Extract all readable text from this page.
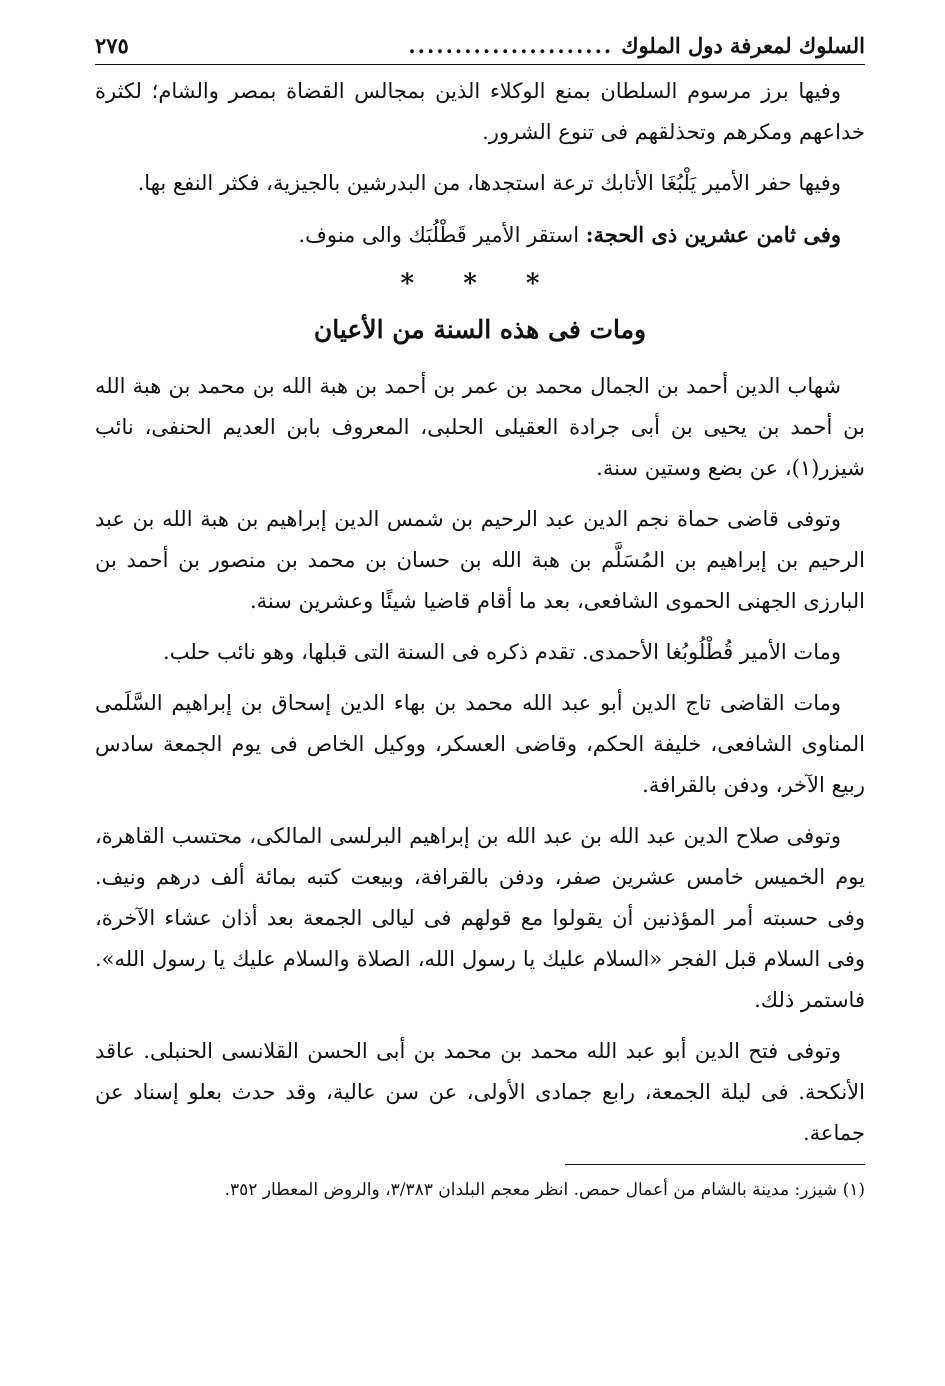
السلوك لمعرفة دول الملوك
......................
٢٧٥

وفيها برز مرسوم السلطان بمنع الوكلاء الذين بمجالس القضاة بمصر والشام؛ لكثرة خداعهم ومكرهم وتحذلقهم فى تنوع الشرور.

وفيها حفر الأمير يَلْبُغَا الأتابك ترعة استجدها، من البدرشين بالجيزية، فكثر النفع بها.

وفى ثامن عشرين ذى الحجة: استقر الأمير قَطْلُبَك والى منوف.

* * *
ومات فى هذه السنة من الأعيان

شهاب الدين أحمد بن الجمال محمد بن عمر بن أحمد بن هبة الله بن محمد بن هبة الله بن أحمد بن يحيى بن أبى جرادة العقيلى الحلبى، المعروف بابن العديم الحنفى، نائب شيزر(١)، عن بضع وستين سنة.

وتوفى قاضى حماة نجم الدين عبد الرحيم بن شمس الدين إبراهيم بن هبة الله بن عبد الرحيم بن إبراهيم بن المُسَلَّم بن هبة الله بن حسان بن محمد بن منصور بن أحمد بن البارزى الجهنى الحموى الشافعى، بعد ما أقام قاضيا شيئًا وعشرين سنة.

ومات الأمير قُطْلُوبُغا الأحمدى. تقدم ذكره فى السنة التى قبلها، وهو نائب حلب.

ومات القاضى تاج الدين أبو عبد الله محمد بن بهاء الدين إسحاق بن إبراهيم السَّلَمى المناوى الشافعى، خليفة الحكم، وقاضى العسكر، ووكيل الخاص فى يوم الجمعة سادس ربيع الآخر، ودفن بالقرافة.

وتوفى صلاح الدين عبد الله بن عبد الله بن إبراهيم البرلسى المالكى، محتسب القاهرة، يوم الخميس خامس عشرين صفر، ودفن بالقرافة، وبيعت كتبه بمائة ألف درهم ونيف. وفى حسبته أمر المؤذنين أن يقولوا مع قولهم فى ليالى الجمعة بعد أذان عشاء الآخرة، وفى السلام قبل الفجر «السلام عليك يا رسول الله، الصلاة والسلام عليك يا رسول الله». فاستمر ذلك.

وتوفى فتح الدين أبو عبد الله محمد بن محمد بن أبى الحسن القلانسى الحنبلى. عاقد الأنكحة. فى ليلة الجمعة، رابع جمادى الأولى، عن سن عالية، وقد حدث بعلو إسناد عن جماعة.

(١) شيزر: مدينة بالشام من أعمال حمص. انظر معجم البلدان ٣/٣٨٣، والروض المعطار ٣٥٢.
